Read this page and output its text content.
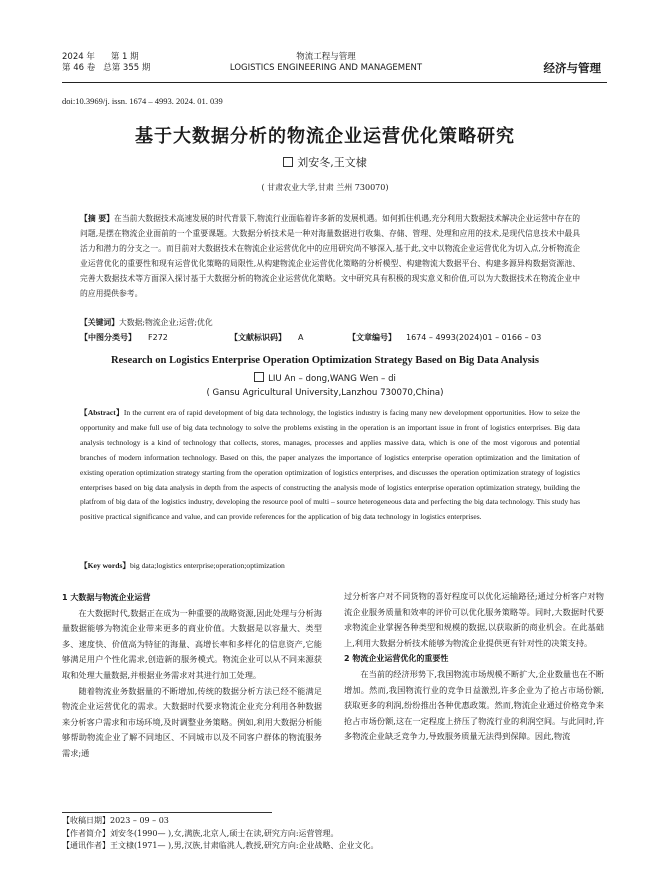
2024 年 第 1 期
第 46 卷 总第 355 期
物流工程与管理
LOGISTICS ENGINEERING AND MANAGEMENT	经济与管理
doi:10.3969/j. issn. 1674 – 4993. 2024. 01. 039
基于大数据分析的物流企业运营优化策略研究
刘安冬,王文棣
( 甘肃农业大学,甘肃 兰州 730070)
【摘 要】在当前大数据技术高速发展的时代背景下,物流行业面临着许多新的发展机遇。如何抓住机遇,充分利用大数据技术解决企业运营中存在的问题,是摆在物流企业面前的一个重要课题。大数据分析技术是一种对海量数据进行收集、存储、管理、处理和应用的技术,是现代信息技术中最具活力和潜力的分支之一。而目前对大数据技术在物流企业运营优化中的应用研究尚不够深入,基于此,文中以物流企业运营优化为切入点,分析物流企业运营优化的重要性和现有运营优化策略的局限性,从构建物流企业运营优化策略的分析模型、构建物流大数据平台、构建多源异构数据资源池、完善大数据技术等方面深入探讨基于大数据分析的物流企业运营优化策略。文中研究具有积极的现实意义和价值,可以为大数据技术在物流企业中的应用提供参考。
【关键词】大数据;物流企业;运营;优化
【中图分类号】 F272	【文献标识码】 A	【文章编号】 1674 – 4993(2024)01 – 0166 – 03
Research on Logistics Enterprise Operation Optimization Strategy Based on Big Data Analysis
LIU An – dong,WANG Wen – di
( Gansu Agricultural University,Lanzhou 730070,China)
【Abstract】In the current era of rapid development of big data technology, the logistics industry is facing many new development opportunities. How to seize the opportunity and make full use of big data technology to solve the problems existing in the operation is an important issue in front of logistics enterprises. Big data analysis technology is a kind of technology that collects, stores, manages, processes and applies massive data, which is one of the most vigorous and potential branches of modern information technology. Based on this, the paper analyzes the importance of logistics enterprise operation optimization and the limitation of existing operation optimization strategy starting from the operation optimization of logistics enterprises, and discusses the operation optimization strategy of logistics enterprises based on big data analysis in depth from the aspects of constructing the analysis mode of logistics enterprise operation optimization strategy, building the platfrom of big data of the logistics industry, developing the resource pool of multi – source heterogeneous data and perfecting the big data technology. This study has positive practical significance and value, and can provide references for the application of big data technology in logistics enterprises.
【Key words】big data;logistics enterprise;operation;optimization
1 大数据与物流企业运营

在大数据时代,数据正在成为一种重要的战略资源,因此处理与分析海量数据能够为物流企业带来更多的商业价值。大数据是以容量大、类型多、速度快、价值高为特征的海量、高增长率和多样化的信息资产,它能够满足用户个性化需求,创造新的服务模式。物流企业可以从不同来源获取和处理大量数据,并根据业务需求对其进行加工处理。

随着物流业务数据量的不断增加,传统的数据分析方法已经不能满足物流企业运营优化的需求。大数据时代要求物流企业充分利用各种数据来分析客户需求和市场环境,及时调整业务策略。例如,利用大数据分析能够帮助物流企业了解不同地区、不同城市以及不同客户群体的物流服务需求;通

过分析客户对不同货物的喜好程度可以优化运输路径;通过分析客户对物流企业服务质量和效率的评价可以优化服务策略等。同时,大数据时代要求物流企业掌握各种类型和规模的数据,以获取新的商业机会。在此基础上,利用大数据分析技术能够为物流企业提供更有针对性的决策支持。

2 物流企业运营优化的重要性

在当前的经济形势下,我国物流市场规模不断扩大,企业数量也在不断增加。然而,我国物流行业的竞争日益激烈,许多企业为了抢占市场份额,获取更多的利润,纷纷推出各种优惠政策。然而,物流企业通过价格竞争来抢占市场份额,这在一定程度上挤压了物流行业的利润空间。与此同时,许多物流企业缺乏竞争力,导致服务质量无法得到保障。因此,物流

【收稿日期】2023 – 09 – 03
【作者简介】刘安冬(1990— ),女,满族,北京人,硕士在读,研究方向:运营管理。
【通讯作者】王文棣(1971— ),男,汉族,甘肃临洮人,教授,研究方向:企业战略、企业文化。
